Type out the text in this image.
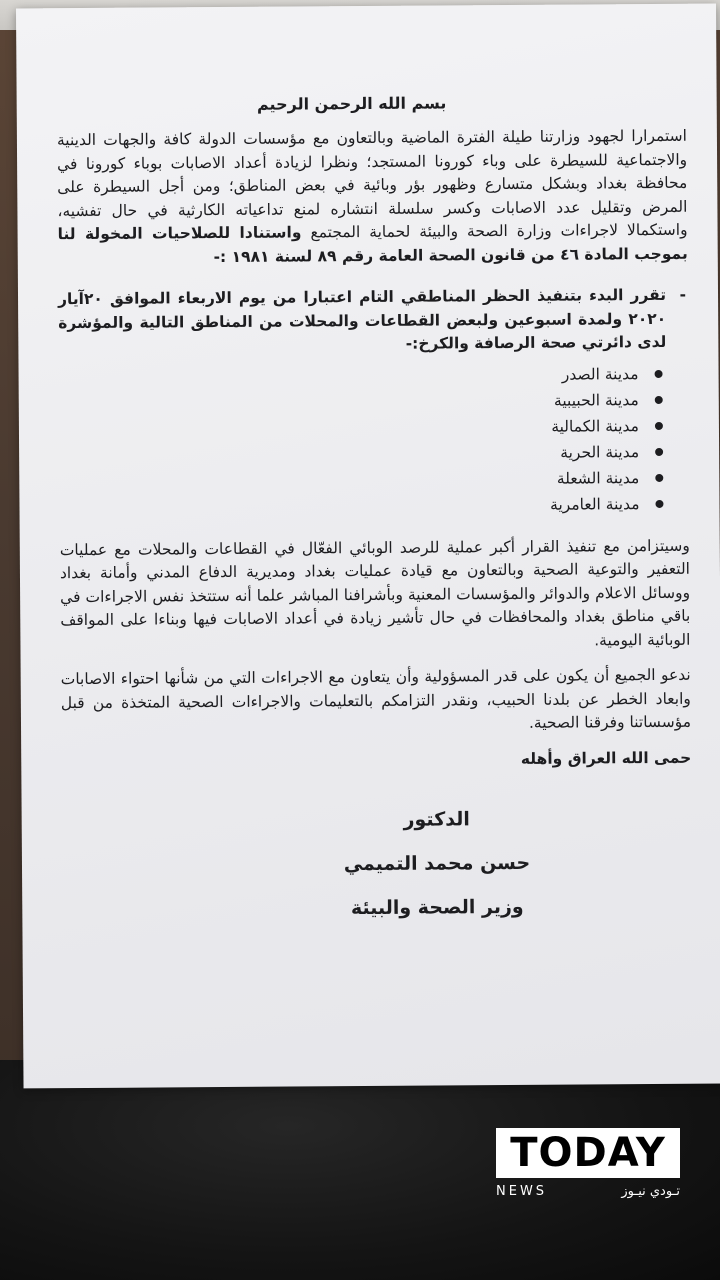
بسم الله الرحمن الرحيم

استمرارا لجهود وزارتنا طيلة الفترة الماضية وبالتعاون مع مؤسسات الدولة كافة والجهات الدينية والاجتماعية للسيطرة على وباء كورونا المستجد؛ ونظرا لزيادة أعداد الاصابات بوباء كورونا في محافظة بغداد وبشكل متسارع وظهور بؤر وبائية في بعض المناطق؛ ومن أجل السيطرة على المرض وتقليل عدد الاصابات وكسر سلسلة انتشاره لمنع تداعياته الكارثية في حال تفشيه، واستكمالا لاجراءات وزارة الصحة والبيئة لحماية المجتمع واستنادا للصلاحيات المخولة لنا بموجب المادة ٤٦ من قانون الصحة العامة رقم ٨٩ لسنة ١٩٨١ :-

-
تقرر البدء بتنفيذ الحظر المناطقي التام اعتبارا من يوم الاربعاء الموافق ٢٠آيار ٢٠٢٠ ولمدة اسبوعين ولبعض القطاعات والمحلات من المناطق التالية والمؤشرة لدى دائرتي صحة الرصافة والكرخ:-
مدينة الصدر
مدينة الحبيبية
مدينة الكمالية
مدينة الحرية
مدينة الشعلة
مدينة العامرية

وسيتزامن مع تنفيذ القرار أكبر عملية للرصد الوبائي الفعّال في القطاعات والمحلات مع عمليات التعفير والتوعية الصحية وبالتعاون مع قيادة عمليات بغداد ومديرية الدفاع المدني وأمانة بغداد ووسائل الاعلام والدوائر والمؤسسات المعنية وبأشرافنا المباشر علما أنه ستتخذ نفس الاجراءات في باقي مناطق بغداد والمحافظات في حال تأشير زيادة في أعداد الاصابات فيها وبناءا على المواقف الوبائية اليومية.

ندعو الجميع أن يكون على قدر المسؤولية وأن يتعاون مع الاجراءات التي من شأنها احتواء الاصابات وابعاد الخطر عن بلدنا الحبيب، ونقدر التزامكم بالتعليمات والاجراءات الصحية المتخذة من قبل مؤسساتنا وفرقنا الصحية.

حمى الله العراق وأهله
الدكتور
حسن محمد التميمي
وزير الصحة والبيئة
TODAY
NEWS	تـودي نيـوز
